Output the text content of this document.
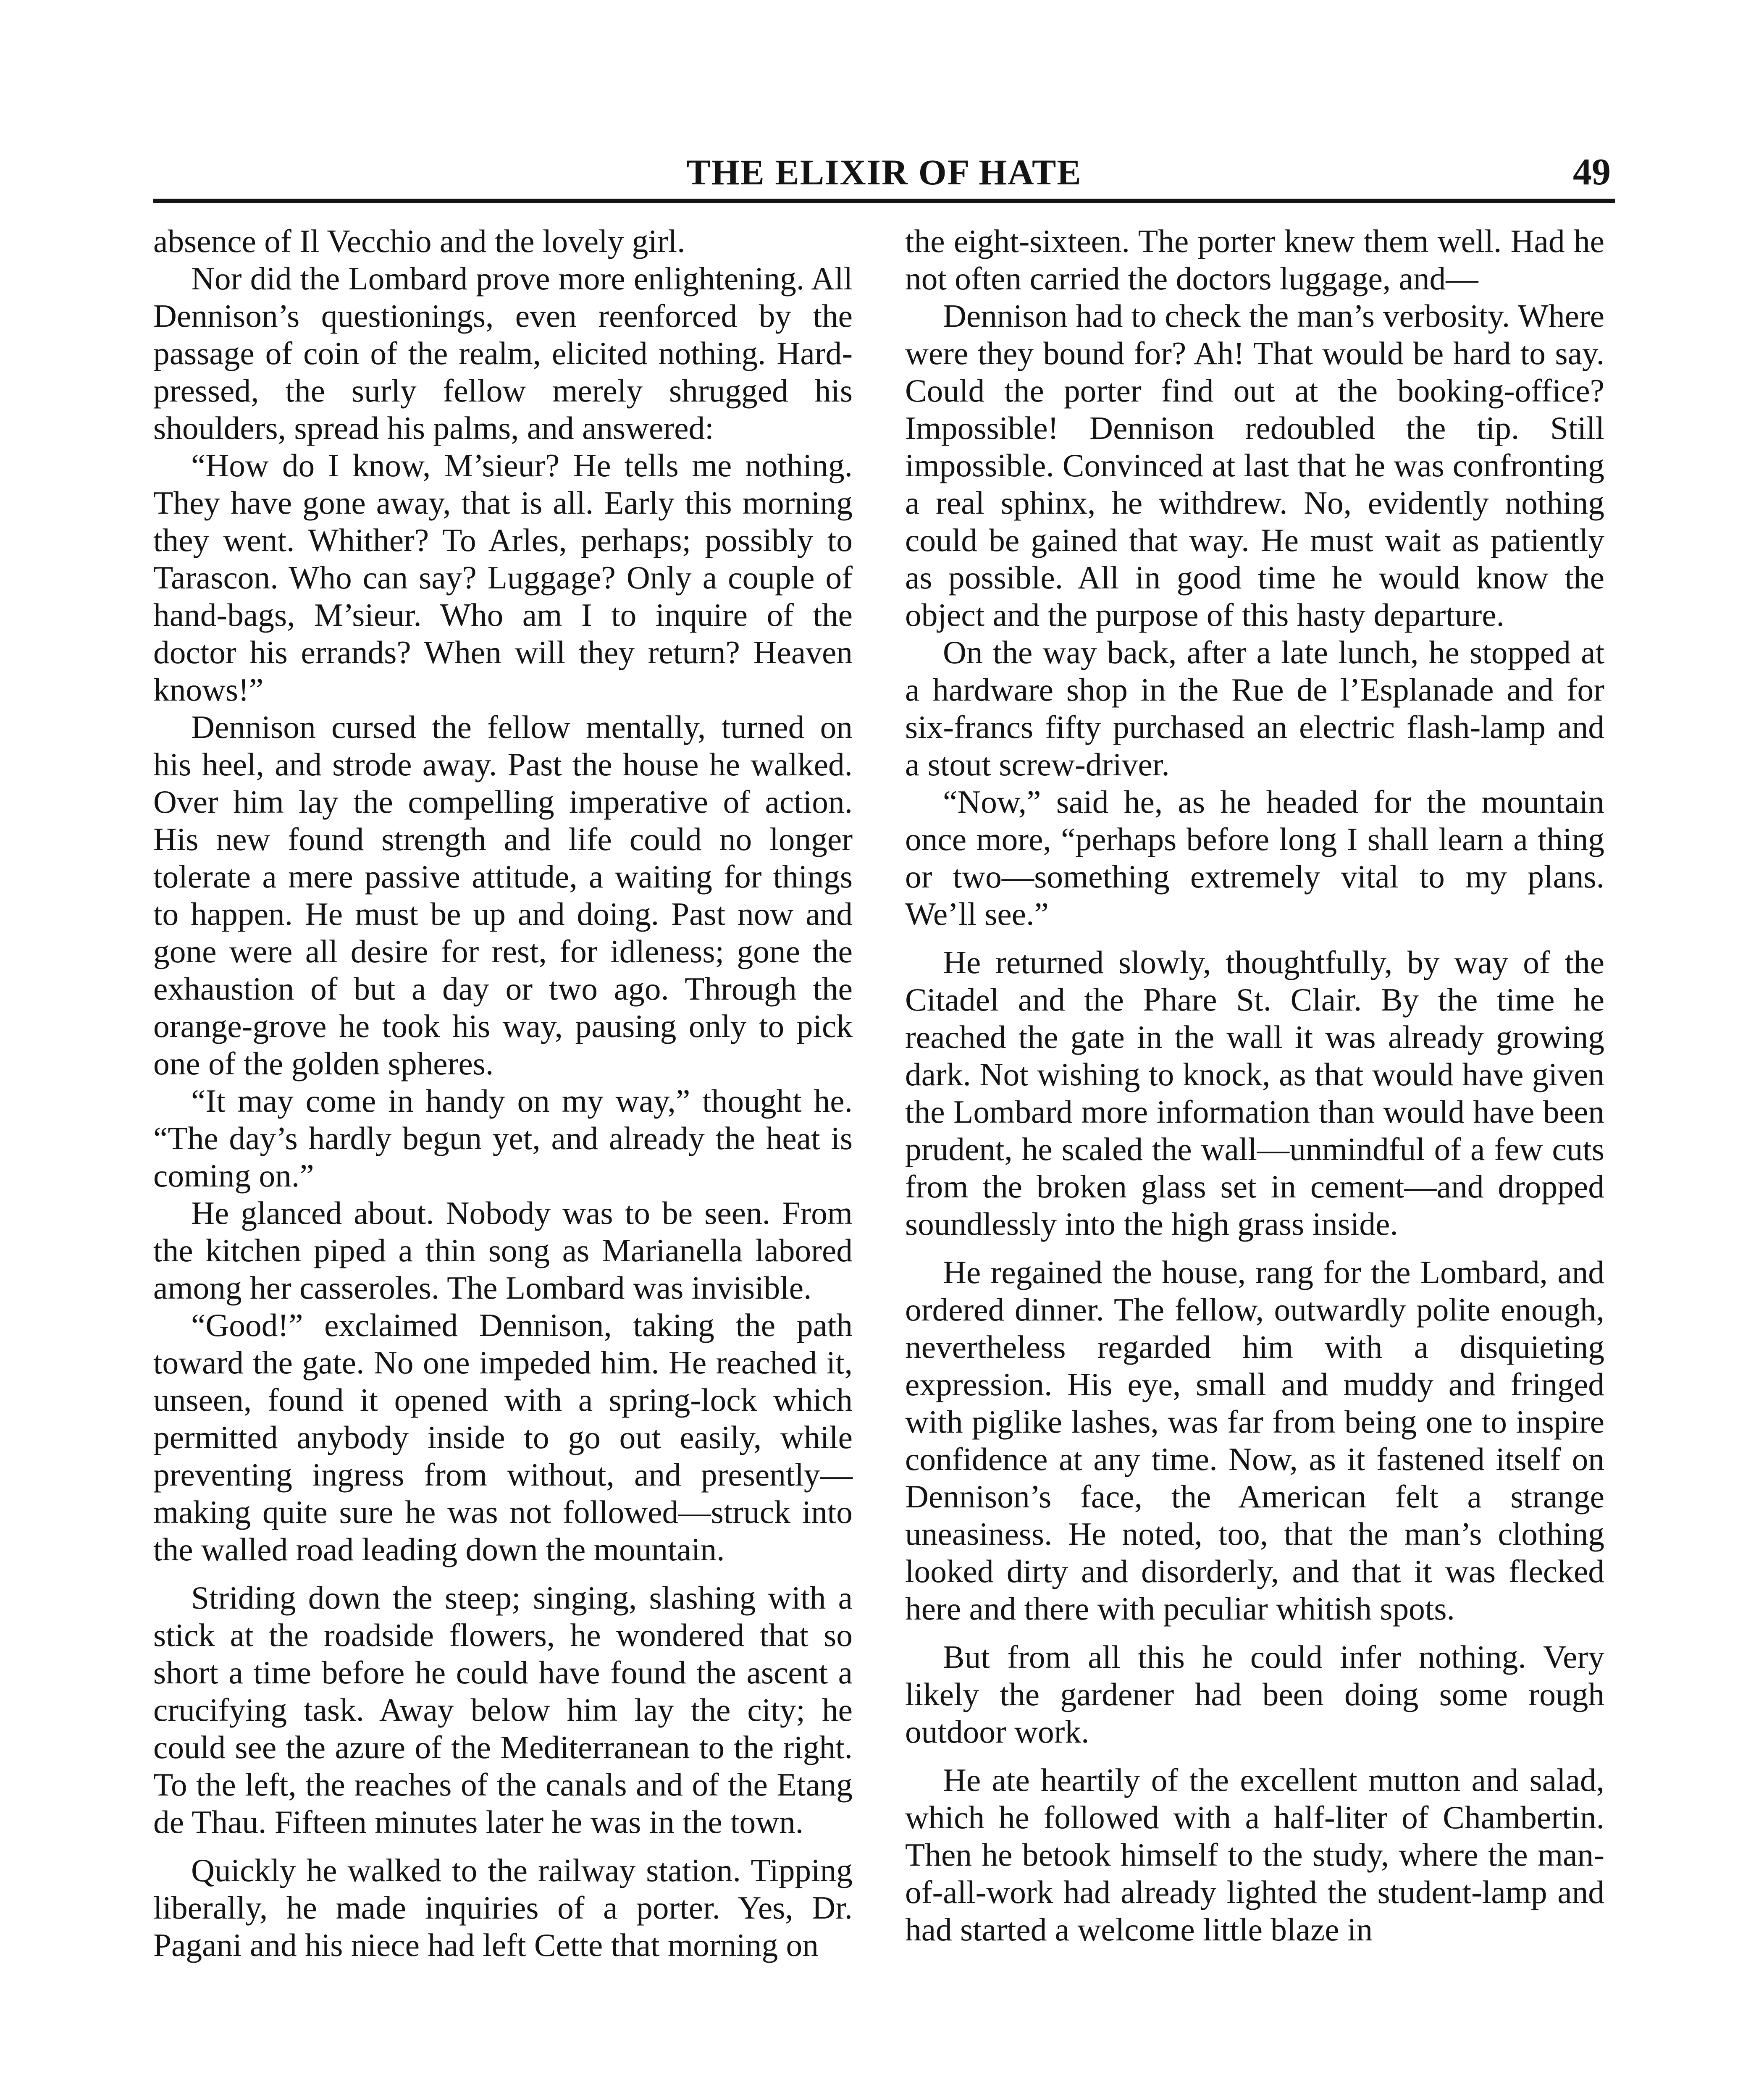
THE ELIXIR OF HATE	49

absence of Il Vecchio and the lovely girl.

Nor did the Lombard prove more enlightening. All Dennison’s questionings, even reenforced by the passage of coin of the realm, elicited nothing. Hard-pressed, the surly fellow merely shrugged his shoulders, spread his palms, and answered:

“How do I know, M’sieur? He tells me nothing. They have gone away, that is all. Early this morning they went. Whither? To Arles, perhaps; possibly to Tarascon. Who can say? Luggage? Only a couple of hand-bags, M’sieur. Who am I to inquire of the doctor his errands? When will they return? Heaven knows!”

Dennison cursed the fellow mentally, turned on his heel, and strode away. Past the house he walked. Over him lay the compelling imperative of action. His new found strength and life could no longer tolerate a mere passive attitude, a waiting for things to happen. He must be up and doing. Past now and gone were all desire for rest, for idleness; gone the exhaustion of but a day or two ago. Through the orange-grove he took his way, pausing only to pick one of the golden spheres.

“It may come in handy on my way,” thought he. “The day’s hardly begun yet, and already the heat is coming on.”

He glanced about. Nobody was to be seen. From the kitchen piped a thin song as Marianella labored among her casseroles. The Lombard was invisible.

“Good!” exclaimed Dennison, taking the path toward the gate. No one impeded him. He reached it, unseen, found it opened with a spring-lock which permitted anybody inside to go out easily, while preventing ingress from without, and presently—making quite sure he was not followed—struck into the walled road leading down the mountain.

Striding down the steep; singing, slashing with a stick at the roadside flowers, he wondered that so short a time before he could have found the ascent a crucifying task. Away below him lay the city; he could see the azure of the Mediterranean to the right. To the left, the reaches of the canals and of the Etang de Thau. Fifteen minutes later he was in the town.

Quickly he walked to the railway station. Tipping liberally, he made inquiries of a porter. Yes, Dr. Pagani and his niece had left Cette that morning on

the eight-sixteen. The porter knew them well. Had he not often carried the doctors luggage, and—

Dennison had to check the man’s verbosity. Where were they bound for? Ah! That would be hard to say. Could the porter find out at the booking-office? Impossible! Dennison redoubled the tip. Still impossible. Convinced at last that he was confronting a real sphinx, he withdrew. No, evidently nothing could be gained that way. He must wait as patiently as possible. All in good time he would know the object and the purpose of this hasty departure.

On the way back, after a late lunch, he stopped at a hardware shop in the Rue de l’Esplanade and for six-francs fifty purchased an electric flash-lamp and a stout screw-driver.

“Now,” said he, as he headed for the mountain once more, “perhaps before long I shall learn a thing or two—something extremely vital to my plans. We’ll see.”

He returned slowly, thoughtfully, by way of the Citadel and the Phare St. Clair. By the time he reached the gate in the wall it was already growing dark. Not wishing to knock, as that would have given the Lombard more information than would have been prudent, he scaled the wall—unmindful of a few cuts from the broken glass set in cement—and dropped soundlessly into the high grass inside.

He regained the house, rang for the Lombard, and ordered dinner. The fellow, outwardly polite enough, nevertheless regarded him with a disquieting expression. His eye, small and muddy and fringed with piglike lashes, was far from being one to inspire confidence at any time. Now, as it fastened itself on Dennison’s face, the American felt a strange uneasiness. He noted, too, that the man’s clothing looked dirty and disorderly, and that it was flecked here and there with peculiar whitish spots.

But from all this he could infer nothing. Very likely the gardener had been doing some rough outdoor work.

He ate heartily of the excellent mutton and salad, which he followed with a half-liter of Chambertin. Then he betook himself to the study, where the man-of-all-work had already lighted the student-lamp and had started a welcome little blaze in
